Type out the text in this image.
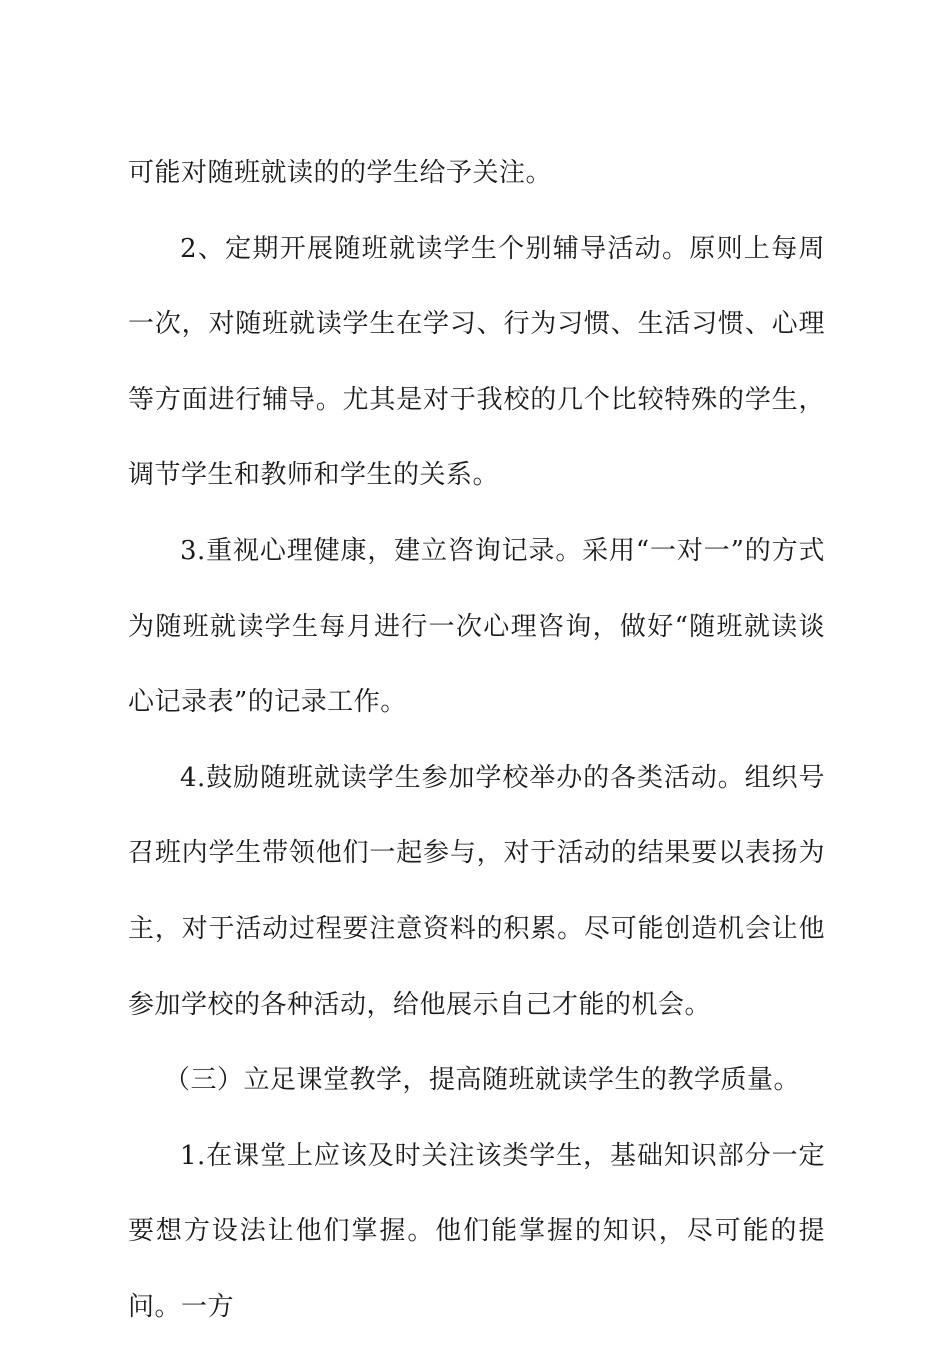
可能对随班就读的的学生给予关注。

2、定期开展随班就读学生个别辅导活动。原则上每周一次，对随班就读学生在学习、行为习惯、生活习惯、心理等方面进行辅导。尤其是对于我校的几个比较特殊的学生，调节学生和教师和学生的关系。

3.重视心理健康，建立咨询记录。采用“一对一”的方式为随班就读学生每月进行一次心理咨询，做好“随班就读谈心记录表”的记录工作。

4.鼓励随班就读学生参加学校举办的各类活动。组织号召班内学生带领他们一起参与，对于活动的结果要以表扬为主，对于活动过程要注意资料的积累。尽可能创造机会让他参加学校的各种活动，给他展示自己才能的机会。

（三）立足课堂教学，提高随班就读学生的教学质量。

1.在课堂上应该及时关注该类学生，基础知识部分一定要想方设法让他们掌握。他们能掌握的知识，尽可能的提问。一方
